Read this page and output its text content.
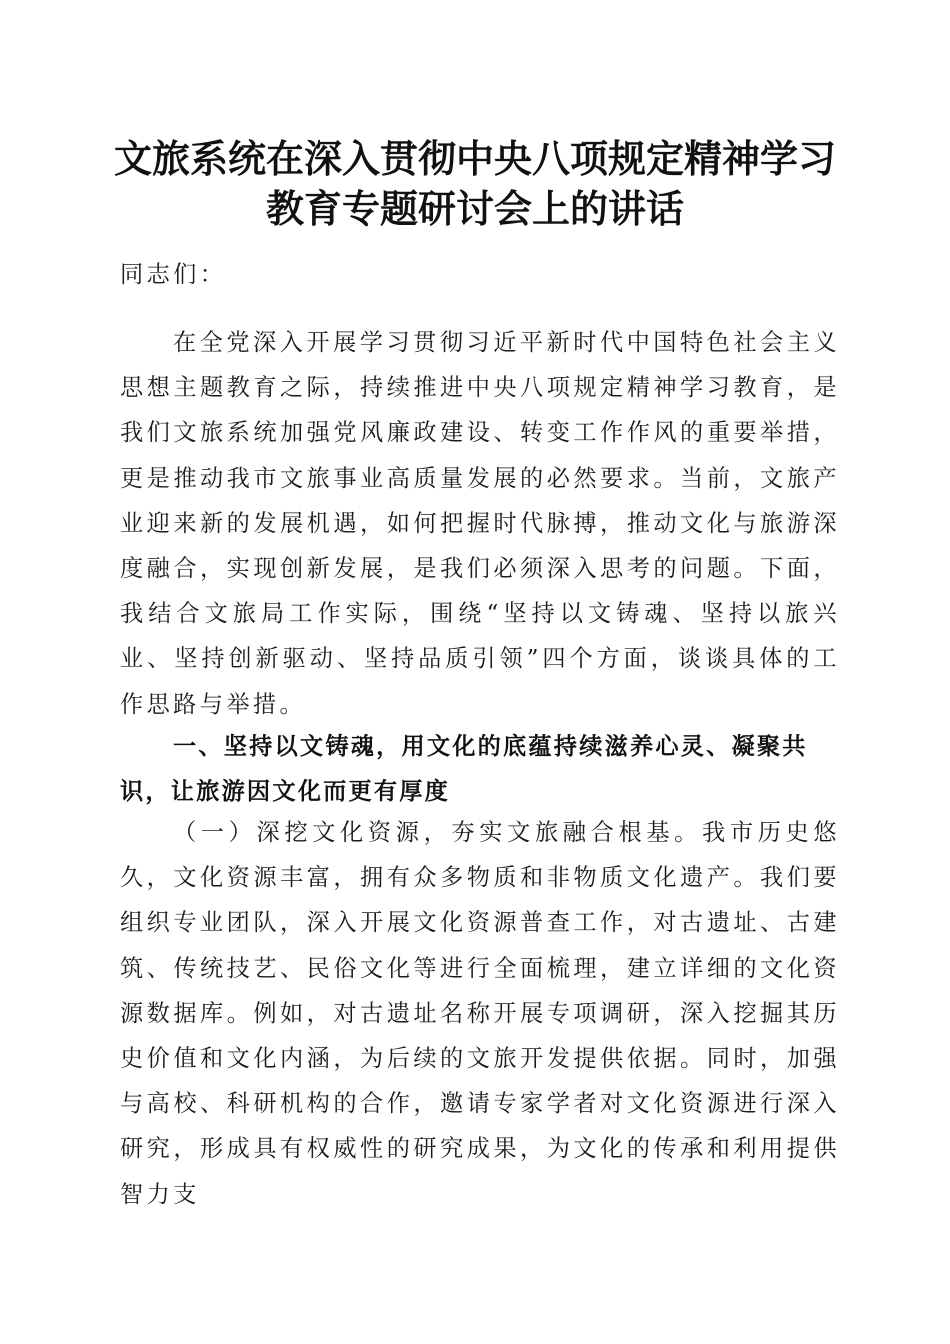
文旅系统在深入贯彻中央八项规定精神学习教育专题研讨会上的讲话

同志们：

在全党深入开展学习贯彻习近平新时代中国特色社会主义思想主题教育之际，持续推进中央八项规定精神学习教育，是我们文旅系统加强党风廉政建设、转变工作作风的重要举措，更是推动我市文旅事业高质量发展的必然要求。当前，文旅产业迎来新的发展机遇，如何把握时代脉搏，推动文化与旅游深度融合，实现创新发展，是我们必须深入思考的问题。下面，我结合文旅局工作实际，围绕“坚持以文铸魂、坚持以旅兴业、坚持创新驱动、坚持品质引领”四个方面，谈谈具体的工作思路与举措。

一、坚持以文铸魂，用文化的底蕴持续滋养心灵、凝聚共识，让旅游因文化而更有厚度

（一）深挖文化资源，夯实文旅融合根基。我市历史悠久，文化资源丰富，拥有众多物质和非物质文化遗产。我们要组织专业团队，深入开展文化资源普查工作，对古遗址、古建筑、传统技艺、民俗文化等进行全面梳理，建立详细的文化资源数据库。例如，对古遗址名称开展专项调研，深入挖掘其历史价值和文化内涵，为后续的文旅开发提供依据。同时，加强与高校、科研机构的合作，邀请专家学者对文化资源进行深入研究，形成具有权威性的研究成果，为文化的传承和利用提供智力支
